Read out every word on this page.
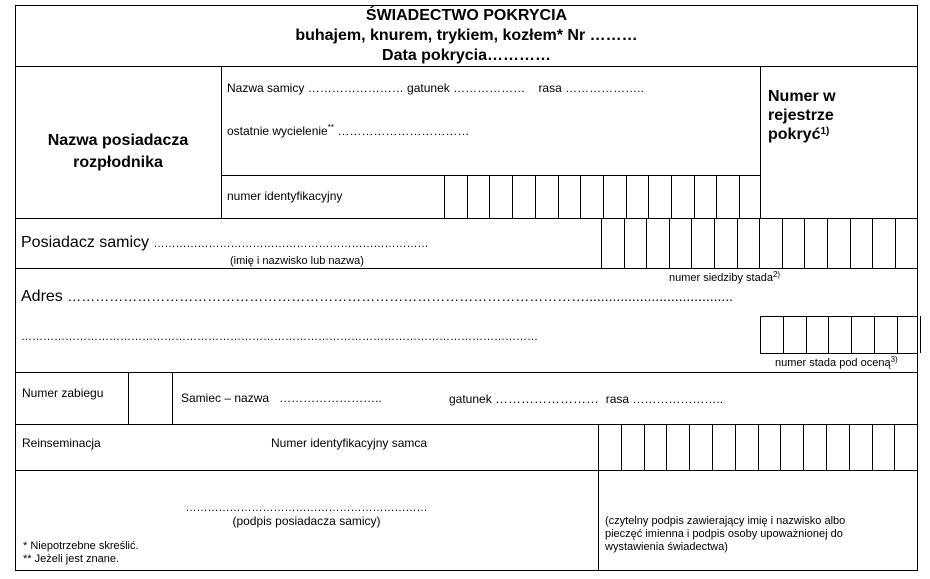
ŚWIADECTWO POKRYCIA
buhajem, knurem, trykiem, kozłem* Nr ………
Data pokrycia…………
Nazwa posiadacza
rozpłodnika
Nazwa samicy …………………… gatunek ……………… rasa ………………..
ostatnie wycielenie** ……………………………
numer identyfikacyjny
Numer w
rejestrze
pokryć$^{1)}$
Posiadacz samicy …………………………………………………………………
(imię i nazwisko lub nazwa)
numer siedziby stada$^{2)}$
Adres …………………………………………………………………………………………………......................................
……………………………………………………………………………………………………………………………
numer stada pod oceną$^{3)}$
Numer zabiegu	Samiec – nazwa ……………………..	gatunek …………………… rasa …………………..
Reinseminacja	Numer identyfikacyjny samca
…………………………………………………………
(podpis posiadacza samicy)	(czytelny podpis zawierający imię i nazwisko albo
pieczęć imienna i podpis osoby upoważnionej do
wystawienia świadectwa)
* Niepotrzebne skreślić.
** Jeżeli jest znane.
